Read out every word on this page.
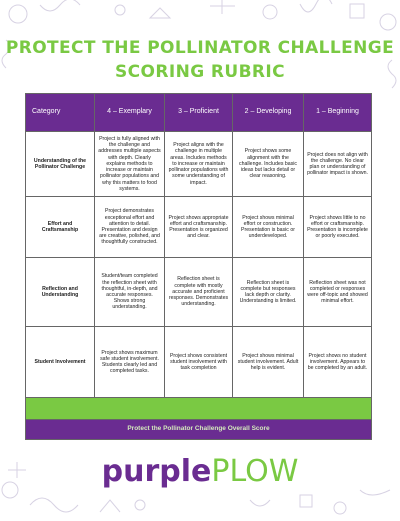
PROTECT THE POLLINATOR CHALLENGE
SCORING RUBRIC
Category	4 – Exemplary	3 – Proficient	2 – Developing	1 – Beginning
Understanding of the Pollinator Challenge	Project is fully aligned with the challenge and addresses multiple aspects with depth. Clearly explains methods to increase or maintain pollinator populations and why this matters to food systems.	Project aligns with the challenge in multiple areas. Includes methods to increase or maintain pollinator populations with some understanding of impact.	Project shows some alignment with the challenge. Includes basic ideas but lacks detail or clear reasoning.	Project does not align with the challenge. No clear plan or understanding of pollinator impact is shown.
Effort and Craftsmanship	Project demonstrates exceptional effort and attention to detail. Presentation and design are creative, polished, and thoughtfully constructed.	Project shows appropriate effort and craftsmanship. Presentation is organized and clear.	Project shows minimal effort or construction. Presentation is basic or underdeveloped.	Project shows little to no effort or craftsmanship. Presentation is incomplete or poorly executed.
Reflection and Understanding	Student/team completed the reflection sheet with thoughtful, in-depth, and accurate responses. Shows strong understanding.	Reflection sheet is complete with mostly accurate and proficient responses. Demonstrates understanding.	Reflection sheet is complete but responses lack depth or clarity. Understanding is limited.	Reflection sheet was not completed or responses were off-topic and showed minimal effort.
Student Involvement	Project shows maximum safe student involvement. Students clearly led and completed tasks.	Project shows consistent student involvement with task completion	Project shows minimal student involvement. Adult help is evident.	Project shows no student involvement. Appears to be completed by an adult.

Protect the Pollinator Challenge Overall Score				
purplePLOW
